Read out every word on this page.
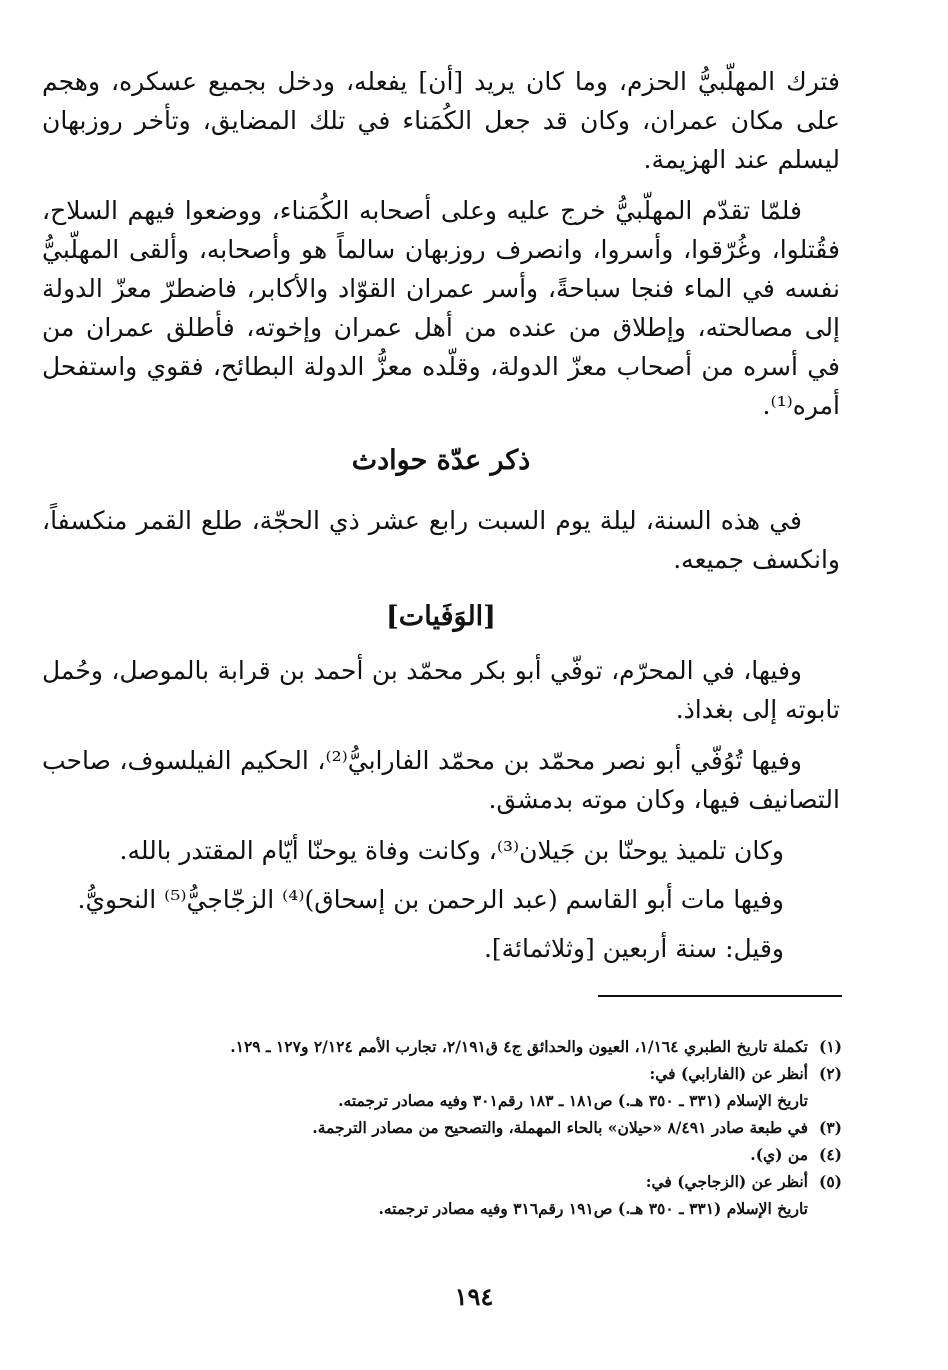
فترك المهلّبيُّ الحزم، وما كان يريد [أن] يفعله، ودخل بجميع عسكره، وهجم على مكان عمران، وكان قد جعل الكُمَناء في تلك المضايق، وتأخر روزبهان ليسلم عند الهزيمة.

فلمّا تقدّم المهلّبيُّ خرج عليه وعلى أصحابه الكُمَناء، ووضعوا فيهم السلاح، فقُتلوا، وغُرّقوا، وأسروا، وانصرف روزبهان سالماً هو وأصحابه، وألقى المهلّبيُّ نفسه في الماء فنجا سباحةً، وأسر عمران القوّاد والأكابر، فاضطرّ معزّ الدولة إلى مصالحته، وإطلاق من عنده من أهل عمران وإخوته، فأطلق عمران من في أسره من أصحاب معزّ الدولة، وقلّده معزُّ الدولة البطائح، فقوي واستفحل أمره⁽¹⁾.

ذكر عدّة حوادث

في هذه السنة، ليلة يوم السبت رابع عشر ذي الحجّة، طلع القمر منكسفاً، وانكسف جميعه.

[الوَفَيات]

وفيها، في المحرّم، توفّي أبو بكر محمّد بن أحمد بن قرابة بالموصل، وحُمل تابوته إلى بغداذ.

وفيها تُوُفّي أبو نصر محمّد بن محمّد الفارابيُّ⁽²⁾، الحكيم الفيلسوف، صاحب التصانيف فيها، وكان موته بدمشق.

وكان تلميذ يوحنّا بن جَيلان⁽³⁾، وكانت وفاة يوحنّا أيّام المقتدر بالله.

وفيها مات أبو القاسم (عبد الرحمن بن إسحاق)⁽⁴⁾ الزجّاجيُّ⁽⁵⁾ النحويُّ.

وقيل: سنة أربعين [وثلاثمائة].

(١)
تكملة تاريخ الطبري ١/١٦٤، العيون والحدائق ج٤ ق٢/١٩١، تجارب الأمم ٢/١٢٤ و١٢٧ ـ ١٢٩.
(٢)
أنظر عن (الفارابي) في:
تاريخ الإسلام (٣٣١ ـ ٣٥٠ هـ.) ص١٨١ ـ ١٨٣ رقم٣٠١ وفيه مصادر ترجمته.
(٣)
في طبعة صادر ٨/٤٩١ «حيلان» بالحاء المهملة، والتصحيح من مصادر الترجمة.
(٤)
من (ي).
(٥)
أنظر عن (الزجاجي) في:
تاريخ الإسلام (٣٣١ ـ ٣٥٠ هـ.) ص١٩١ رقم٣١٦ وفيه مصادر ترجمته.
١٩٤
